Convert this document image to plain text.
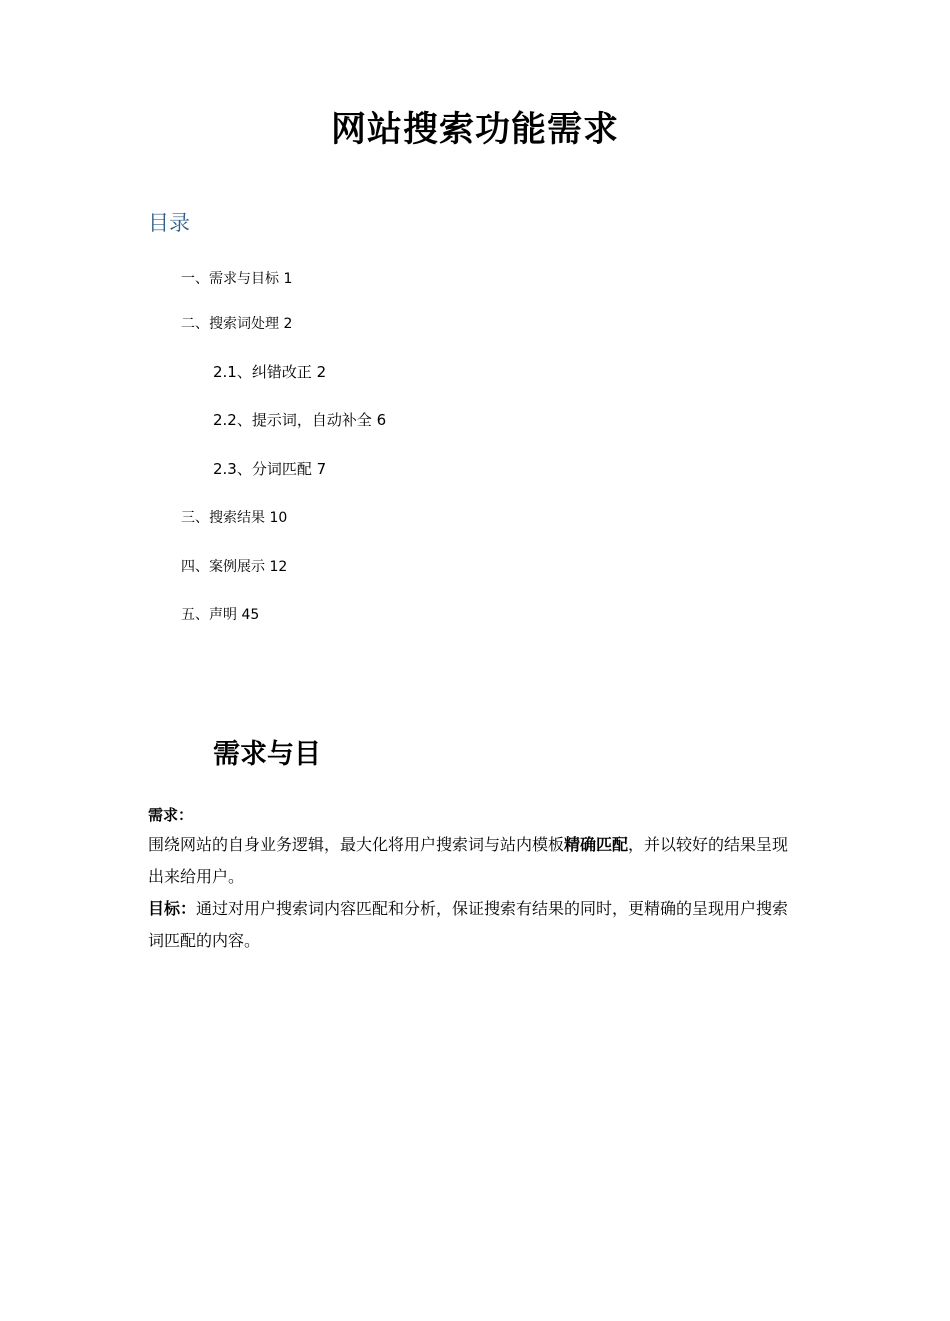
网站搜索功能需求
目录
一、需求与目标 1
二、搜索词处理 2
2.1、纠错改正 2
2.2、提示词，自动补全 6
2.3、分词匹配 7
三、搜索结果 10
四、案例展示 12
五、声明 45
需求与目

需求：

围绕网站的自身业务逻辑，最大化将用户搜索词与站内模板精确匹配，并以较好的结果呈现出来给用户。

目标：通过对用户搜索词内容匹配和分析，保证搜索有结果的同时，更精确的呈现用户搜索词匹配的内容。
